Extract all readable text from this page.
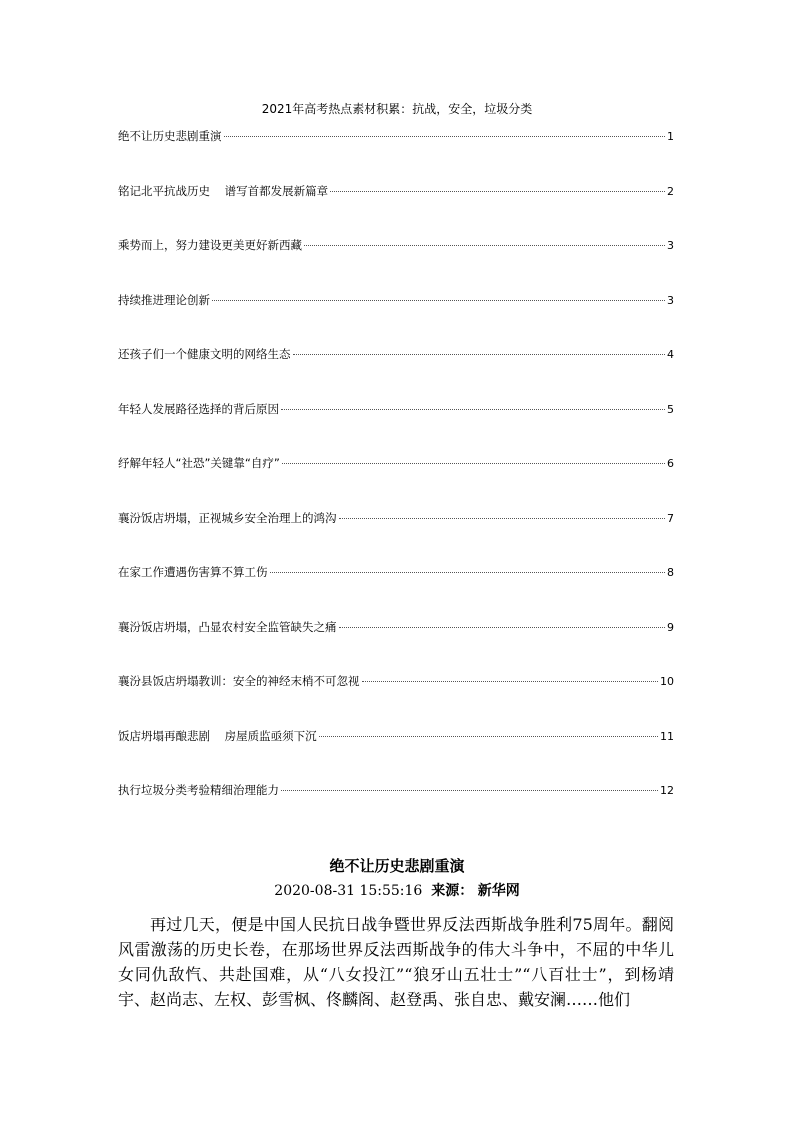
2021年高考热点素材积累：抗战，安全，垃圾分类
绝不让历史悲剧重演	1
铭记北平抗战历史    谱写首都发展新篇章	2
乘势而上，努力建设更美更好新西藏	3
持续推进理论创新	3
还孩子们一个健康文明的网络生态	4
年轻人发展路径选择的背后原因	5
纾解年轻人“社恐”关键靠“自疗”	6
襄汾饭店坍塌，正视城乡安全治理上的鸿沟	7
在家工作遭遇伤害算不算工伤	8
襄汾饭店坍塌，凸显农村安全监管缺失之痛	9
襄汾县饭店坍塌教训：安全的神经末梢不可忽视	10
饭店坍塌再酿悲剧    房屋质监亟须下沉	11
执行垃圾分类考验精细治理能力	12
绝不让历史悲剧重演
2020-08-31 15:55:16 来源： 新华网

再过几天，便是中国人民抗日战争暨世界反法西斯战争胜利75周年。翻阅风雷激荡的历史长卷，在那场世界反法西斯战争的伟大斗争中，不屈的中华儿女同仇敌忾、共赴国难，从“八女投江”“狼牙山五壮士”“八百壮士”，到杨靖宇、赵尚志、左权、彭雪枫、佟麟阁、赵登禹、张自忠、戴安澜……他们
